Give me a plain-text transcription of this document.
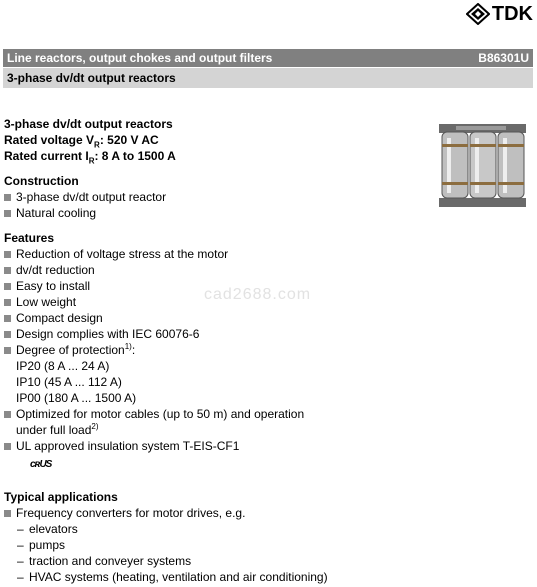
TDK
Line reactors, output chokes and output filters	B86301U
3-phase dv/dt output reactors
cad2688.com
3-phase dv/dt output reactors
Rated voltage $V_R$: 520 V AC
Rated current $I_R$: 8 A to 1500 A
Construction
3-phase dv/dt output reactor
Natural cooling
Features
Reduction of voltage stress at the motor
dv/dt reduction
Easy to install
Low weight
Compact design
Design complies with IEC 60076-6
Degree of protection$^{1)}$:
IP20 (8 A ... 24 A)
IP10 (45 A ... 112 A)
IP00 (180 A ... 1500 A)
Optimized for motor cables (up to 50 m) and operation
under full load$^{2)}$
UL approved insulation system T-EIS-CF1
cʀUS
Typical applications
Frequency converters for motor drives, e.g.
– elevators
– pumps
– traction and conveyer systems
– HVAC systems (heating, ventilation and air conditioning)
